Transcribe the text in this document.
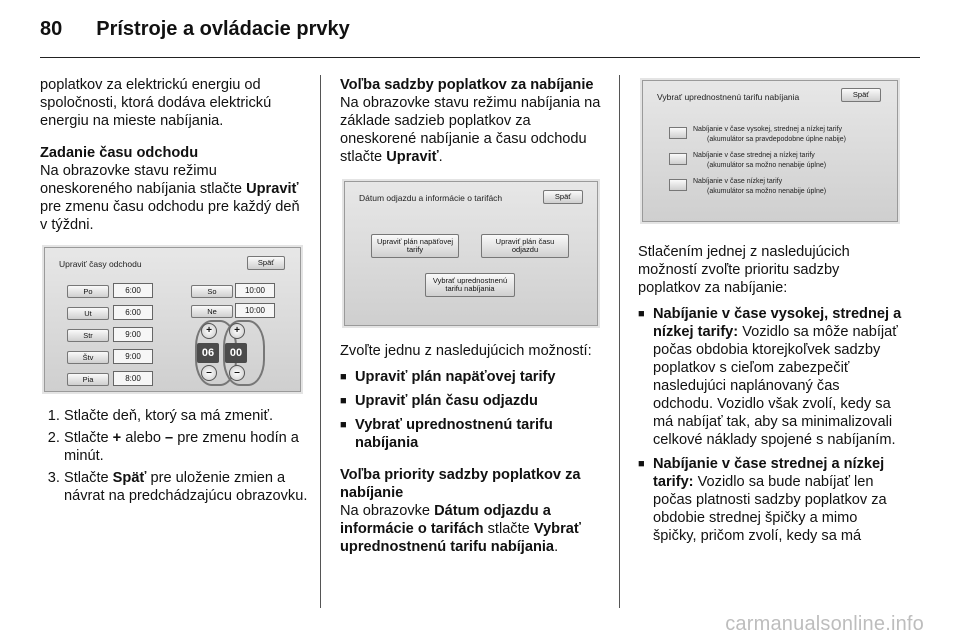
80 Prístroje a ovládacie prvky

poplatkov za elektrickú energiu od spoločnosti, ktorá dodáva elektrickú energiu na mieste nabíjania.

Zadanie času odchodu

Na obrazovke stavu režimu oneskoreného nabíjania stlačte Upraviť pre zmenu času odchodu pre každý deň v týždni.

Upraviť časy odchodu	Späť
Po	6:00
Ut	6:00
Str	9:00
Štv	9:00
Pia	8:00
So	10:00
Ne	10:00
+
06
–
+
00
–
1. Stlačte deň, ktorý sa má zmeniť.
2. Stlačte + alebo – pre zmenu hodín a minút.
3. Stlačte Späť pre uloženie zmien a návrat na predchádzajúcu obrazovku.
Voľba sadzby poplatkov za nabíjanie

Na obrazovke stavu režimu nabíjania na základe sadzieb poplatkov za oneskorené nabíjanie a času odchodu stlačte Upraviť.

Dátum odjazdu a informácie o tarifách	Späť
Upraviť plán napäťovej tarify
Upraviť plán času odjazdu
Vybrať uprednostnenú tarifu nabíjania

Zvoľte jednu z nasledujúcich možností:

■ Upraviť plán napäťovej tarify
■ Upraviť plán času odjazdu
■ Vybrať uprednostnenú tarifu nabíjania
Voľba priority sadzby poplatkov za nabíjanie

Na obrazovke Dátum odjazdu a informácie o tarifách stlačte Vybrať uprednostnenú tarifu nabíjania.

Vybrať uprednostnenú tarifu nabíjania	Späť
Nabíjanie v čase vysokej, strednej a nízkej tarify
(akumulátor sa pravdepodobne úplne nabije)
Nabíjanie v čase strednej a nízkej tarify
(akumulátor sa možno nenabije úplne)
Nabíjanie v čase nízkej tarify
(akumulátor sa možno nenabije úplne)

Stlačením jednej z nasledujúcich možností zvoľte prioritu sadzby poplatkov za nabíjanie:

■ Nabíjanie v čase vysokej, strednej a nízkej tarify: Vozidlo sa môže nabíjať počas obdobia ktorejkoľvek sadzby poplatkov s cieľom zabezpečiť nasledujúci naplánovaný čas odchodu. Vozidlo však zvolí, kedy sa má nabíjať tak, aby sa minimalizovali celkové náklady spojené s nabíjaním.
■ Nabíjanie v čase strednej a nízkej tarify: Vozidlo sa bude nabíjať len počas platnosti sadzby poplatkov za obdobie strednej špičky a mimo špičky, pričom zvolí, kedy sa má
carmanualsonline.info
